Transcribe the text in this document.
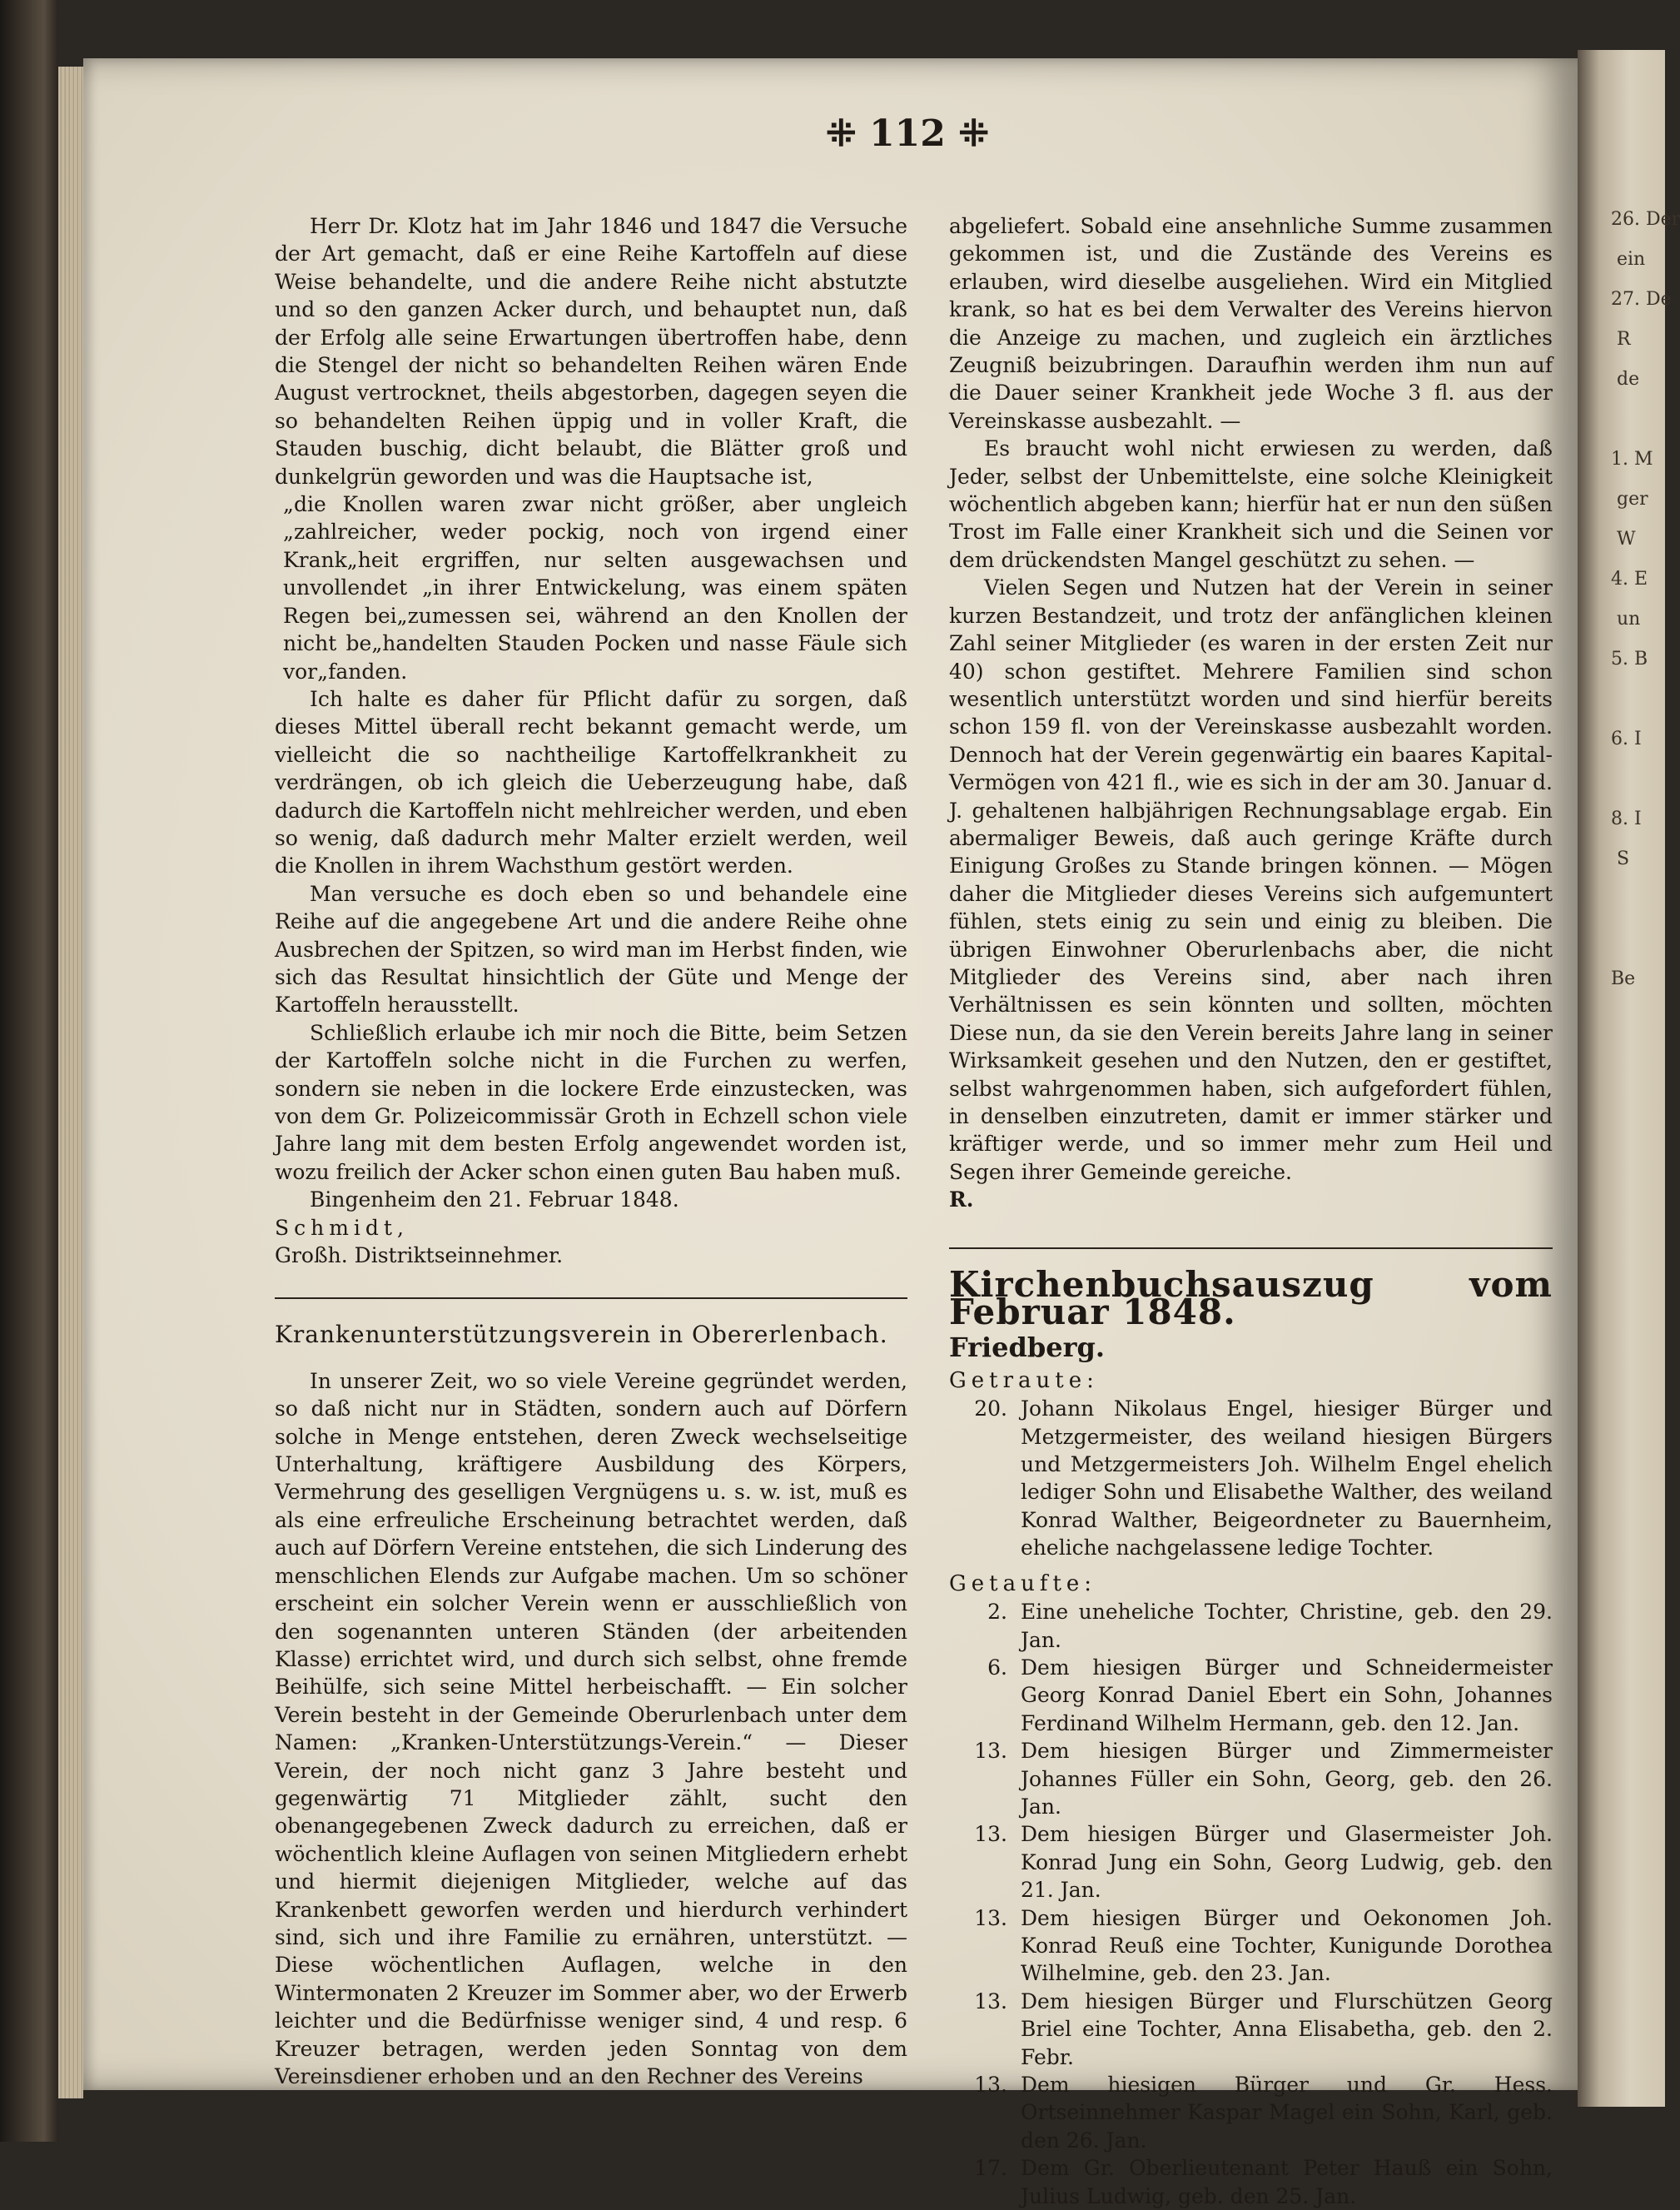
26. Der
ein
27. De
R
de

1. M
ger
W
4. E
un
5. B

6. I

8. I
S

Be
⁜ 112 ⁜

Herr Dr. Klotz hat im Jahr 1846 und 1847 die Versuche der Art gemacht, daß er eine Reihe Kartoffeln auf diese Weise behandelte, und die andere Reihe nicht abstutzte und so den ganzen Acker durch, und behauptet nun, daß der Erfolg alle seine Erwartungen übertroffen habe, denn die Stengel der nicht so behandelten Reihen wären Ende August vertrocknet, theils abgestorben, dagegen seyen die so behandelten Reihen üppig und in voller Kraft, die Stauden buschig, dicht belaubt, die Blätter groß und dunkelgrün geworden und was die Hauptsache ist,

„die Knollen waren zwar nicht größer, aber ungleich „zahlreicher, weder pockig, noch von irgend einer Krank„heit ergriffen, nur selten ausgewachsen und unvollendet „in ihrer Entwickelung, was einem späten Regen bei„zumessen sei, während an den Knollen der nicht be„handelten Stauden Pocken und nasse Fäule sich vor„fanden.

Ich halte es daher für Pflicht dafür zu sorgen, daß dieses Mittel überall recht bekannt gemacht werde, um vielleicht die so nachtheilige Kartoffelkrankheit zu verdrängen, ob ich gleich die Ueberzeugung habe, daß dadurch die Kartoffeln nicht mehlreicher werden, und eben so wenig, daß dadurch mehr Malter erzielt werden, weil die Knollen in ihrem Wachsthum gestört werden.

Man versuche es doch eben so und behandele eine Reihe auf die angegebene Art und die andere Reihe ohne Ausbrechen der Spitzen, so wird man im Herbst finden, wie sich das Resultat hinsichtlich der Güte und Menge der Kartoffeln herausstellt.

Schließlich erlaube ich mir noch die Bitte, beim Setzen der Kartoffeln solche nicht in die Furchen zu werfen, sondern sie neben in die lockere Erde einzustecken, was von dem Gr. Polizeicommissär Groth in Echzell schon viele Jahre lang mit dem besten Erfolg angewendet worden ist, wozu freilich der Acker schon einen guten Bau haben muß.

Bingenheim den 21. Februar 1848.

Schmidt,

Großh. Distriktseinnehmer.

Krankenunterstützungsverein in Obererlenbach.

In unserer Zeit, wo so viele Vereine gegründet werden, so daß nicht nur in Städten, sondern auch auf Dörfern solche in Menge entstehen, deren Zweck wechselseitige Unterhaltung, kräftigere Ausbildung des Körpers, Vermehrung des geselligen Vergnügens u. s. w. ist, muß es als eine erfreuliche Erscheinung betrachtet werden, daß auch auf Dörfern Vereine entstehen, die sich Linderung des menschlichen Elends zur Aufgabe machen. Um so schöner erscheint ein solcher Verein wenn er ausschließlich von den sogenannten unteren Ständen (der arbeitenden Klasse) errichtet wird, und durch sich selbst, ohne fremde Beihülfe, sich seine Mittel herbeischafft. — Ein solcher Verein besteht in der Gemeinde Oberurlenbach unter dem Namen: „Kranken-Unterstützungs-Verein.“ — Dieser Verein, der noch nicht ganz 3 Jahre besteht und gegenwärtig 71 Mitglieder zählt, sucht den obenangegebenen Zweck dadurch zu erreichen, daß er wöchentlich kleine Auflagen von seinen Mitgliedern erhebt und hiermit diejenigen Mitglieder, welche auf das Krankenbett geworfen werden und hierdurch verhindert sind, sich und ihre Familie zu ernähren, unterstützt. — Diese wöchentlichen Auflagen, welche in den Wintermonaten 2 Kreuzer im Sommer aber, wo der Erwerb leichter und die Bedürfnisse weniger sind, 4 und resp. 6 Kreuzer betragen, werden jeden Sonntag von dem Vereinsdiener erhoben und an den Rechner des Vereins

abgeliefert. Sobald eine ansehnliche Summe zusammen gekommen ist, und die Zustände des Vereins es erlauben, wird dieselbe ausgeliehen. Wird ein Mitglied krank, so hat es bei dem Verwalter des Vereins hiervon die Anzeige zu machen, und zugleich ein ärztliches Zeugniß beizubringen. Daraufhin werden ihm nun auf die Dauer seiner Krankheit jede Woche 3 fl. aus der Vereinskasse ausbezahlt. —

Es braucht wohl nicht erwiesen zu werden, daß Jeder, selbst der Unbemittelste, eine solche Kleinigkeit wöchentlich abgeben kann; hierfür hat er nun den süßen Trost im Falle einer Krankheit sich und die Seinen vor dem drückendsten Mangel geschützt zu sehen. —

Vielen Segen und Nutzen hat der Verein in seiner kurzen Bestandzeit, und trotz der anfänglichen kleinen Zahl seiner Mitglieder (es waren in der ersten Zeit nur 40) schon gestiftet. Mehrere Familien sind schon wesentlich unterstützt worden und sind hierfür bereits schon 159 fl. von der Vereinskasse ausbezahlt worden. Dennoch hat der Verein gegenwärtig ein baares Kapital-Vermögen von 421 fl., wie es sich in der am 30. Januar d. J. gehaltenen halbjährigen Rechnungsablage ergab. Ein abermaliger Beweis, daß auch geringe Kräfte durch Einigung Großes zu Stande bringen können. — Mögen daher die Mitglieder dieses Vereins sich aufgemuntert fühlen, stets einig zu sein und einig zu bleiben. Die übrigen Einwohner Oberurlenbachs aber, die nicht Mitglieder des Vereins sind, aber nach ihren Verhältnissen es sein könnten und sollten, möchten Diese nun, da sie den Verein bereits Jahre lang in seiner Wirksamkeit gesehen und den Nutzen, den er gestiftet, selbst wahrgenommen haben, sich aufgefordert fühlen, in denselben einzutreten, damit er immer stärker und kräftiger werde, und so immer mehr zum Heil und Segen ihrer Gemeinde gereiche.

R.

Kirchenbuchsauszug vom Februar 1848.

Friedberg.

Getraute:

20. Johann Nikolaus Engel, hiesiger Bürger und Metzgermeister, des weiland hiesigen Bürgers und Metzgermeisters Joh. Wilhelm Engel ehelich lediger Sohn und Elisabethe Walther, des weiland Konrad Walther, Beigeordneter zu Bauernheim, eheliche nachgelassene ledige Tochter.

Getaufte:

2. Eine uneheliche Tochter, Christine, geb. den 29. Jan.
6. Dem hiesigen Bürger und Schneidermeister Georg Konrad Daniel Ebert ein Sohn, Johannes Ferdinand Wilhelm Hermann, geb. den 12. Jan.
13. Dem hiesigen Bürger und Zimmermeister Johannes Füller ein Sohn, Georg, geb. den 26. Jan.
13. Dem hiesigen Bürger und Glasermeister Joh. Konrad Jung ein Sohn, Georg Ludwig, geb. den 21. Jan.
13. Dem hiesigen Bürger und Oekonomen Joh. Konrad Reuß eine Tochter, Kunigunde Dorothea Wilhelmine, geb. den 23. Jan.
13. Dem hiesigen Bürger und Flurschützen Georg Briel eine Tochter, Anna Elisabetha, geb. den 2. Febr.
13. Dem hiesigen Bürger und Gr. Hess. Ortseinnehmer Kaspar Magel ein Sohn, Karl, geb. den 26. Jan.
17. Dem Gr. Oberlieutenant Peter Hauß ein Sohn, Julius Ludwig, geb. den 25. Jan.
